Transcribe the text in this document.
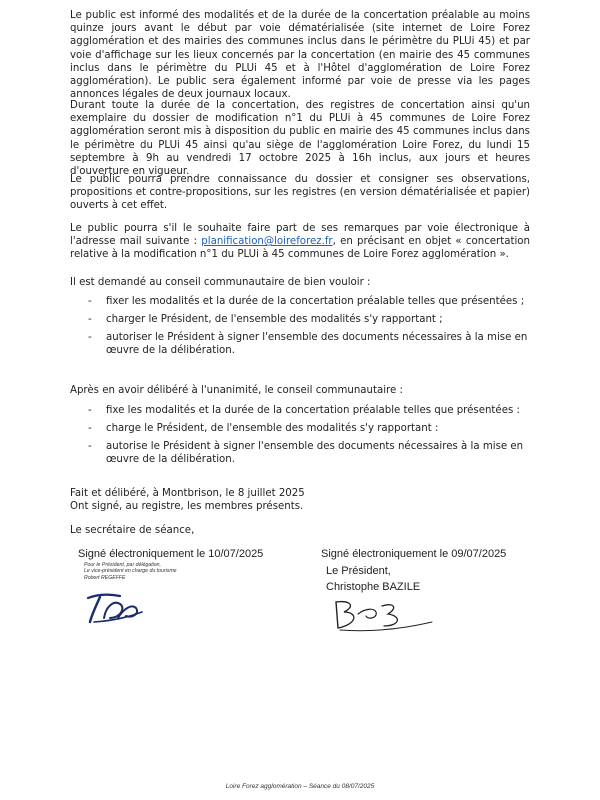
Le public est informé des modalités et de la durée de la concertation préalable au moins quinze jours avant le début par voie dématérialisée (site internet de Loire Forez agglomération et des mairies des communes inclus dans le périmètre du PLUi 45) et par voie d'affichage sur les lieux concernés par la concertation (en mairie des 45 communes inclus dans le périmètre du PLUi 45 et à l'Hôtel d'agglomération de Loire Forez agglomération). Le public sera également informé par voie de presse via les pages annonces légales de deux journaux locaux.

Durant toute la durée de la concertation, des registres de concertation ainsi qu'un exemplaire du dossier de modification n°1 du PLUi à 45 communes de Loire Forez agglomération seront mis à disposition du public en mairie des 45 communes inclus dans le périmètre du PLUi 45 ainsi qu'au siège de l'agglomération Loire Forez, du lundi 15 septembre à 9h au vendredi 17 octobre 2025 à 16h inclus, aux jours et heures d'ouverture en vigueur.

Le public pourra prendre connaissance du dossier et consigner ses observations, propositions et contre-propositions, sur les registres (en version dématérialisée et papier) ouverts à cet effet.

Le public pourra s'il le souhaite faire part de ses remarques par voie électronique à l'adresse mail suivante : planification@loireforez.fr, en précisant en objet « concertation relative à la modification n°1 du PLUi à 45 communes de Loire Forez agglomération ».

Il est demandé au conseil communautaire de bien vouloir :

- fixer les modalités et la durée de la concertation préalable telles que présentées ;
- charger le Président, de l'ensemble des modalités s'y rapportant ;
- autoriser le Président à signer l'ensemble des documents nécessaires à la mise en œuvre de la délibération.

Après en avoir délibéré à l'unanimité, le conseil communautaire :

- fixe les modalités et la durée de la concertation préalable telles que présentées :
- charge le Président, de l'ensemble des modalités s'y rapportant :
- autorise le Président à signer l'ensemble des documents nécessaires à la mise en œuvre de la délibération.

Fait et délibéré, à Montbrison, le 8 juillet 2025

Ont signé, au registre, les membres présents.

Le secrétaire de séance,

Signé électroniquement le 10/07/2025
Pour le Président, par délégation,
Le vice-président en charge du tourisme
Robert REGEFFE
Signé électroniquement le 09/07/2025
Le Président,
Christophe BAZILE
Loire Forez agglomération – Séance du 08/07/2025
